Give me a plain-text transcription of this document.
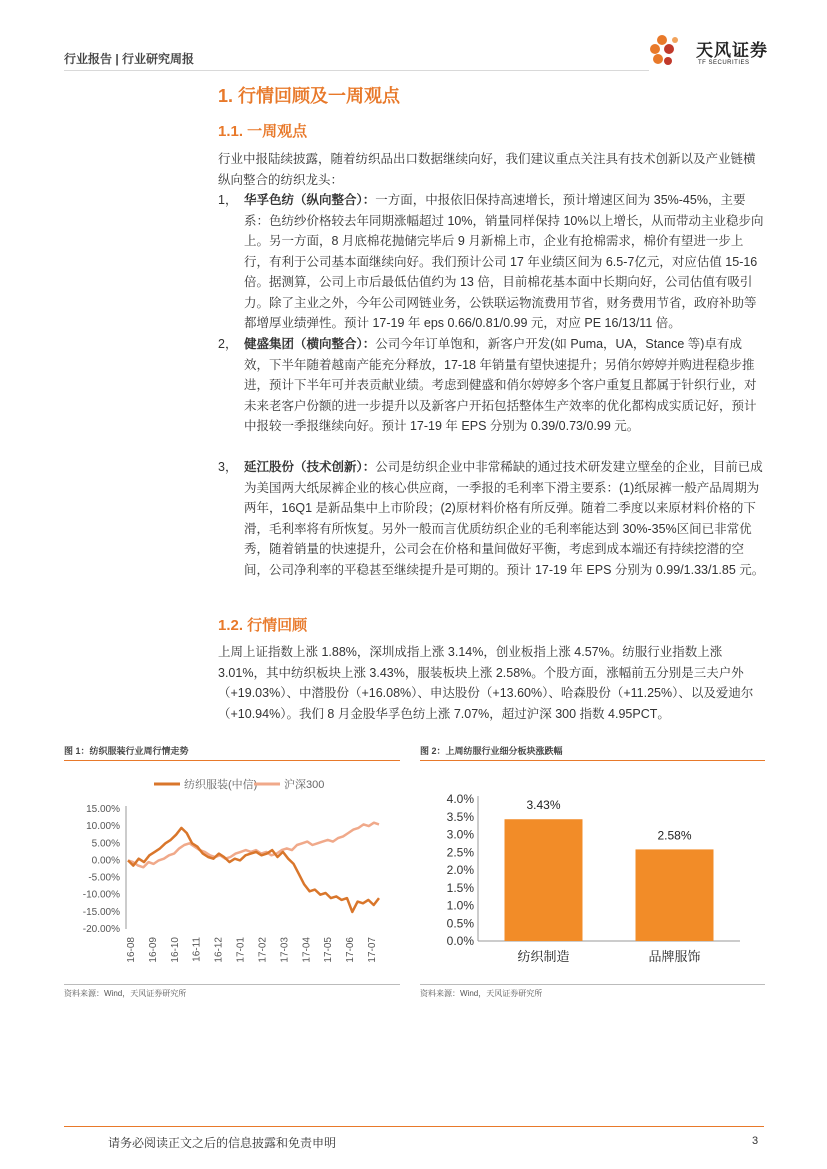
行业报告 | 行业研究周报	天风证券
TF SECURITIES
1. 行情回顾及一周观点
1.1. 一周观点
行业中报陆续披露，随着纺织品出口数据继续向好，我们建议重点关注具有技术创新以及产业链横纵向整合的纺织龙头：
1， 华孚色纺（纵向整合）：一方面，中报依旧保持高速增长，预计增速区间为 35%-45%，主要系：色纺纱价格较去年同期涨幅超过 10%，销量同样保持 10%以上增长，从而带动主业稳步向上。另一方面，8 月底棉花抛储完毕后 9 月新棉上市，企业有抢棉需求，棉价有望进一步上行，有利于公司基本面继续向好。我们预计公司 17 年业绩区间为 6.5-7亿元，对应估值 15-16 倍。据测算，公司上市后最低估值约为 13 倍，目前棉花基本面中长期向好，公司估值有吸引力。除了主业之外，今年公司网链业务，公铁联运物流费用节省，财务费用节省，政府补助等都增厚业绩弹性。预计 17-19 年 eps 0.66/0.81/0.99 元，对应 PE 16/13/11 倍。
2， 健盛集团（横向整合）：公司今年订单饱和，新客户开发(如 Puma，UA，Stance 等)卓有成效，下半年随着越南产能充分释放，17-18 年销量有望快速提升；另俏尔婷婷并购进程稳步推进，预计下半年可并表贡献业绩。考虑到健盛和俏尔婷婷多个客户重复且都属于针织行业，对未来老客户份额的进一步提升以及新客户开拓包括整体生产效率的优化都构成实质记好，预计中报较一季报继续向好。预计 17-19 年 EPS 分别为 0.39/0.73/0.99 元。
3， 延江股份（技术创新）：公司是纺织企业中非常稀缺的通过技术研发建立壁垒的企业，目前已成为美国两大纸尿裤企业的核心供应商，一季报的毛利率下滑主要系：(1)纸尿裤一般产品周期为两年，16Q1 是新品集中上市阶段；(2)原材料价格有所反弹。随着二季度以来原材料价格的下滑，毛利率将有所恢复。另外一般而言优质纺织企业的毛利率能达到 30%-35%区间已非常优秀，随着销量的快速提升，公司会在价格和量间做好平衡，考虑到成本端还有持续挖潜的空间，公司净利率的平稳甚至继续提升是可期的。预计 17-19 年 EPS 分别为 0.99/1.33/1.85 元。
1.2. 行情回顾
上周上证指数上涨 1.88%，深圳成指上涨 3.14%，创业板指上涨 4.57%。纺服行业指数上涨 3.01%，其中纺织板块上涨 3.43%，服装板块上涨 2.58%。个股方面，涨幅前五分别是三夫户外（+19.03%）、中潜股份（+16.08%）、申达股份（+13.60%）、哈森股份（+11.25%）、以及爱迪尔（+10.94%）。我们 8 月金股华孚色纺上涨 7.07%，超过沪深 300 指数 4.95PCT。
图 1：纺织服装行业周行情走势
纺织服装(中信) 沪深300
15.00%
10.00%
5.00%
0.00%
-5.00%
-10.00%
-15.00%
-20.00%
16-08 16-09 16-10 16-11 16-12 17-01 17-02 17-03 17-04 17-05 17-06 17-07
资料来源：Wind，天风证券研究所
图 2：上周纺服行业细分板块涨跌幅
4.0%
3.5%
3.0%
2.5%
2.0%
1.5%
1.0%
0.5%
0.0%
3.43%
纺织制造
2.58%
品牌服饰
资料来源：Wind，天风证券研究所
请务必阅读正文之后的信息披露和免责申明	3
